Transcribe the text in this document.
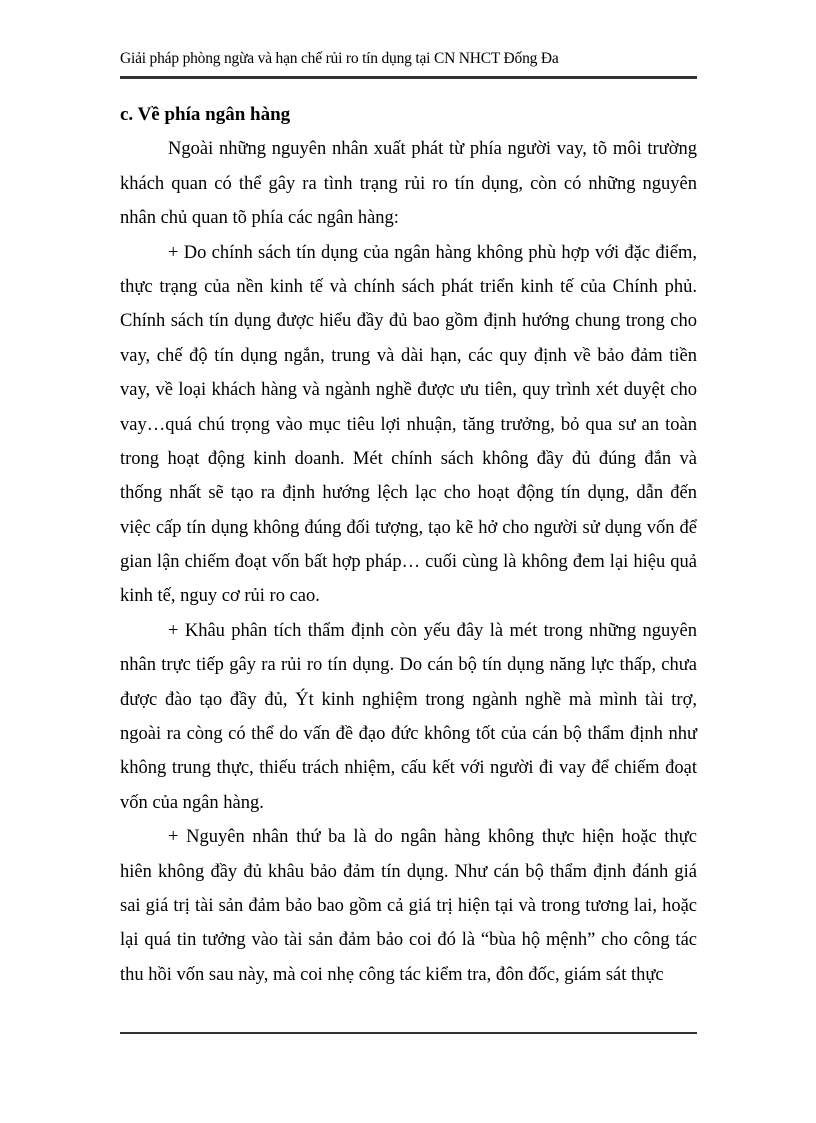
Giải pháp phòng ngừa và hạn chế rủi ro tín dụng tại CN NHCT Đống Đa
c. Về phía ngân hàng
Ngoài những nguyên nhân xuất phát từ phía người vay, tõ môi trường
khách quan có thể gây ra tình trạng rủi ro tín dụng, còn có những nguyên
nhân chủ quan tõ phía các ngân hàng:
+ Do chính sách tín dụng của ngân hàng không phù hợp với đặc điểm,
thực trạng của nền kinh tế và chính sách phát triển kinh tế của Chính phủ.
Chính sách tín dụng được hiểu đầy đủ bao gồm định hướng chung trong cho
vay, chế độ tín dụng ngắn, trung và dài hạn, các quy định về bảo đảm tiền
vay, về loại khách hàng và ngành nghề được ưu tiên, quy trình xét duyệt cho
vay…quá chú trọng vào mục tiêu lợi nhuận, tăng trưởng, bỏ qua sư an toàn
trong hoạt động kinh doanh. Mét chính sách không đầy đủ đúng đắn và
thống nhất sẽ tạo ra định hướng lệch lạc cho hoạt động tín dụng, dẫn đến
việc cấp tín dụng không đúng đối tượng, tạo kẽ hở cho người sử dụng vốn để
gian lận chiếm đoạt vốn bất hợp pháp… cuối cùng là không đem lại hiệu quả
kinh tế, nguy cơ rủi ro cao.
+ Khâu phân tích thẩm định còn yếu đây là mét trong những nguyên
nhân trực tiếp gây ra rủi ro tín dụng. Do cán bộ tín dụng năng lực thấp, chưa
được đào tạo đầy đủ, Ýt kinh nghiệm trong ngành nghề mà mình tài trợ,
ngoài ra còng có thể do vấn đề đạo đức không tốt của cán bộ thẩm định như
không trung thực, thiếu trách nhiệm, cấu kết với người đi vay để chiếm đoạt
vốn của ngân hàng.
+ Nguyên nhân thứ ba là do ngân hàng không thực hiện hoặc thực
hiên không đầy đủ khâu bảo đảm tín dụng. Như cán bộ thẩm định đánh giá
sai giá trị tài sản đảm bảo bao gồm cả giá trị hiện tại và trong tương lai, hoặc
lại quá tin tưởng vào tài sản đảm bảo coi đó là “bùa hộ mệnh” cho công tác
thu hồi vốn sau này, mà coi nhẹ công tác kiểm tra, đôn đốc, giám sát thực
